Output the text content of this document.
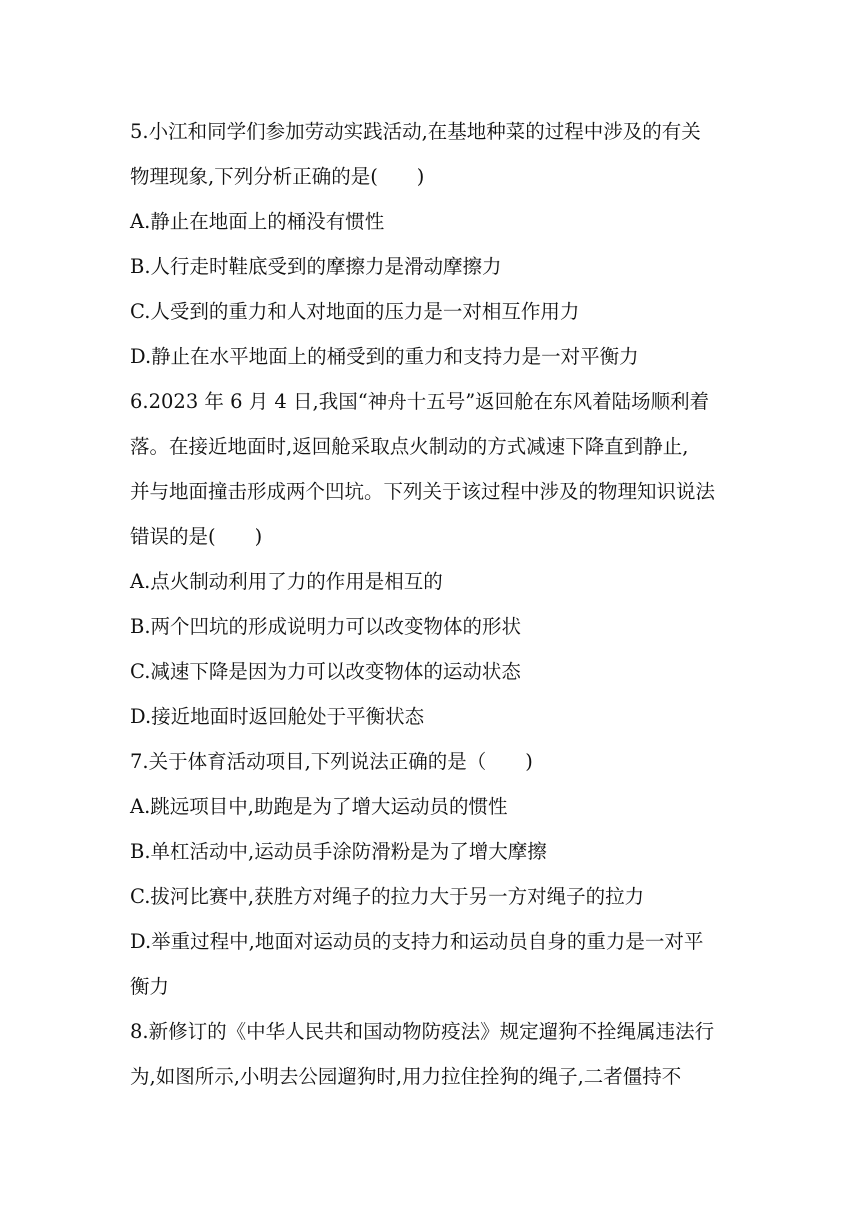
5.小江和同学们参加劳动实践活动,在基地种菜的过程中涉及的有关
物理现象,下列分析正确的是(　　)
A.静止在地面上的桶没有惯性
B.人行走时鞋底受到的摩擦力是滑动摩擦力
C.人受到的重力和人对地面的压力是一对相互作用力
D.静止在水平地面上的桶受到的重力和支持力是一对平衡力
6.2023 年 6 月 4 日,我国“神舟十五号”返回舱在东风着陆场顺利着
落。在接近地面时,返回舱采取点火制动的方式减速下降直到静止,
并与地面撞击形成两个凹坑。下列关于该过程中涉及的物理知识说法
错误的是(　　)
A.点火制动利用了力的作用是相互的
B.两个凹坑的形成说明力可以改变物体的形状
C.减速下降是因为力可以改变物体的运动状态
D.接近地面时返回舱处于平衡状态
7.关于体育活动项目,下列说法正确的是（　　)
A.跳远项目中,助跑是为了增大运动员的惯性
B.单杠活动中,运动员手涂防滑粉是为了增大摩擦
C.拔河比赛中,获胜方对绳子的拉力大于另一方对绳子的拉力
D.举重过程中,地面对运动员的支持力和运动员自身的重力是一对平
衡力
8.新修订的《中华人民共和国动物防疫法》规定遛狗不拴绳属违法行
为,如图所示,小明去公园遛狗时,用力拉住拴狗的绳子,二者僵持不
